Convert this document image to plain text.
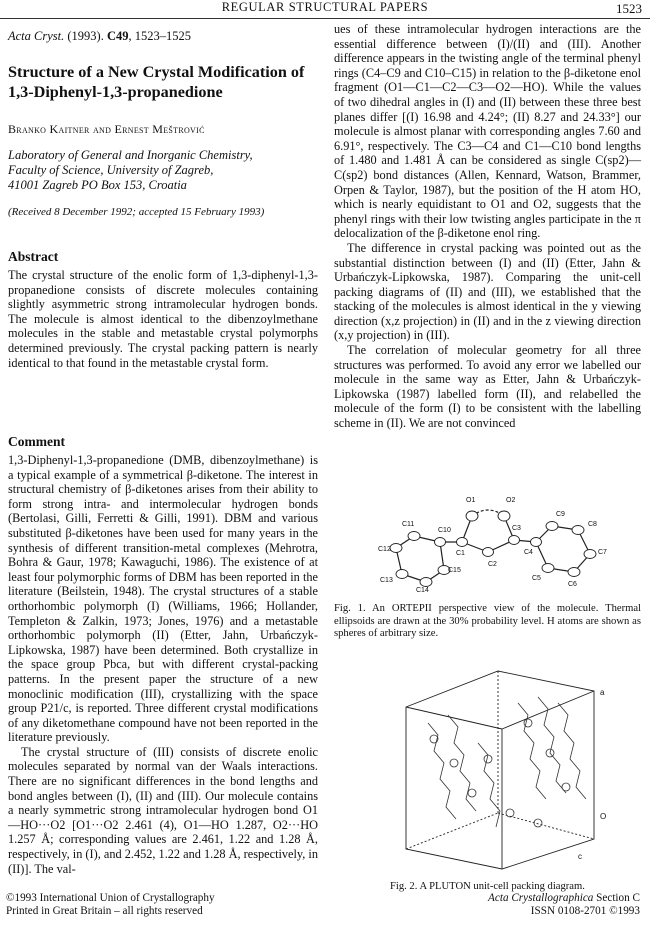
REGULAR STRUCTURAL PAPERS	1523
Acta Cryst. (1993). C49, 1523–1525
Structure of a New Crystal Modification of 1,3-Diphenyl-1,3-propanedione
Branko Kaitner and Ernest Meštrović
Laboratory of General and Inorganic Chemistry,
Faculty of Science, University of Zagreb,
41001 Zagreb PO Box 153, Croatia
(Received 8 December 1992; accepted 15 February 1993)
Abstract

The crystal structure of the enolic form of 1,3-diphenyl-1,3-propanedione consists of discrete molecules containing slightly asymmetric strong intramolecular hydrogen bonds. The molecule is almost identical to the dibenzoylmethane molecules in the stable and metastable crystal polymorphs determined previously. The crystal packing pattern is nearly identical to that found in the metastable crystal form.

Comment

1,3-Diphenyl-1,3-propanedione (DMB, dibenzoylmethane) is a typical example of a symmetrical β-diketone. The interest in structural chemistry of β-diketones arises from their ability to form strong intra- and intermolecular hydrogen bonds (Bertolasi, Gilli, Ferretti & Gilli, 1991). DBM and various substituted β-diketones have been used for many years in the synthesis of different transition-metal complexes (Mehrotra, Bohra & Gaur, 1978; Kawaguchi, 1986). The existence of at least four polymorphic forms of DBM has been reported in the literature (Beilstein, 1948). The crystal structures of a stable orthorhombic polymorph (I) (Williams, 1966; Hollander, Templeton & Zalkin, 1973; Jones, 1976) and a metastable orthorhombic polymorph (II) (Etter, Jahn, Urbańczyk-Lipkowska, 1987) have been determined. Both crystallize in the space group Pbca, but with different crystal-packing patterns. In the present paper the structure of a new monoclinic modification (III), crystallizing with the space group P21/c, is reported. Three different crystal modifications of any diketomethane compound have not been reported in the literature previously.

The crystal structure of (III) consists of discrete enolic molecules separated by normal van der Waals interactions. There are no significant differences in the bond lengths and bond angles between (I), (II) and (III). Our molecule contains a nearly symmetric strong intramolecular hydrogen bond O1—HO···O2 [O1···O2 2.461 (4), O1—HO 1.287, O2···HO 1.257 Å; corresponding values are 2.461, 1.22 and 1.28 Å, respectively, in (I), and 2.452, 1.22 and 1.28 Å, respectively, in (II)]. The val-

ues of these intramolecular hydrogen interactions are the essential difference between (I)/(II) and (III). Another difference appears in the twisting angle of the terminal phenyl rings (C4–C9 and C10–C15) in relation to the β-diketone enol fragment (O1—C1—C2—C3—O2—HO). While the values of two dihedral angles in (I) and (II) between these three best planes differ [(I) 16.98 and 4.24°; (II) 8.27 and 24.33°] our molecule is almost planar with corresponding angles 7.60 and 6.91°, respectively. The C3—C4 and C1—C10 bond lengths of 1.480 and 1.481 Å can be considered as single C(sp2)—C(sp2) bond distances (Allen, Kennard, Watson, Brammer, Orpen & Taylor, 1987), but the position of the H atom HO, which is nearly equidistant to O1 and O2, suggests that the phenyl rings with their low twisting angles participate in the π delocalization of the β-diketone enol ring.

The difference in crystal packing was pointed out as the substantial distinction between (I) and (II) (Etter, Jahn & Urbańczyk-Lipkowska, 1987). Comparing the unit-cell packing diagrams of (II) and (III), we established that the stacking of the molecules is almost identical in the y viewing direction (x,z projection) in (II) and in the z viewing direction (x,y projection) in (III).

The correlation of molecular geometry for all three structures was performed. To avoid any error we labelled our molecule in the same way as Etter, Jahn & Urbańczyk-Lipkowska (1987) labelled form (II), and relabelled the molecule of the form (I) to be consistent with the labelling scheme in (II). We are not convinced

O1	O2
C11
C10
C1
C2
C3
C4
C9
C8
C7
C6
C5
C12
C13
C14
C15
Fig. 1. An ORTEPII perspective view of the molecule. Thermal ellipsoids are drawn at the 30% probability level. H atoms are shown as spheres of arbitrary size.
a
O
c
Fig. 2. A PLUTON unit-cell packing diagram.
©1993 International Union of Crystallography
Printed in Great Britain – all rights reserved
Acta Crystallographica Section C
ISSN 0108-2701 ©1993
